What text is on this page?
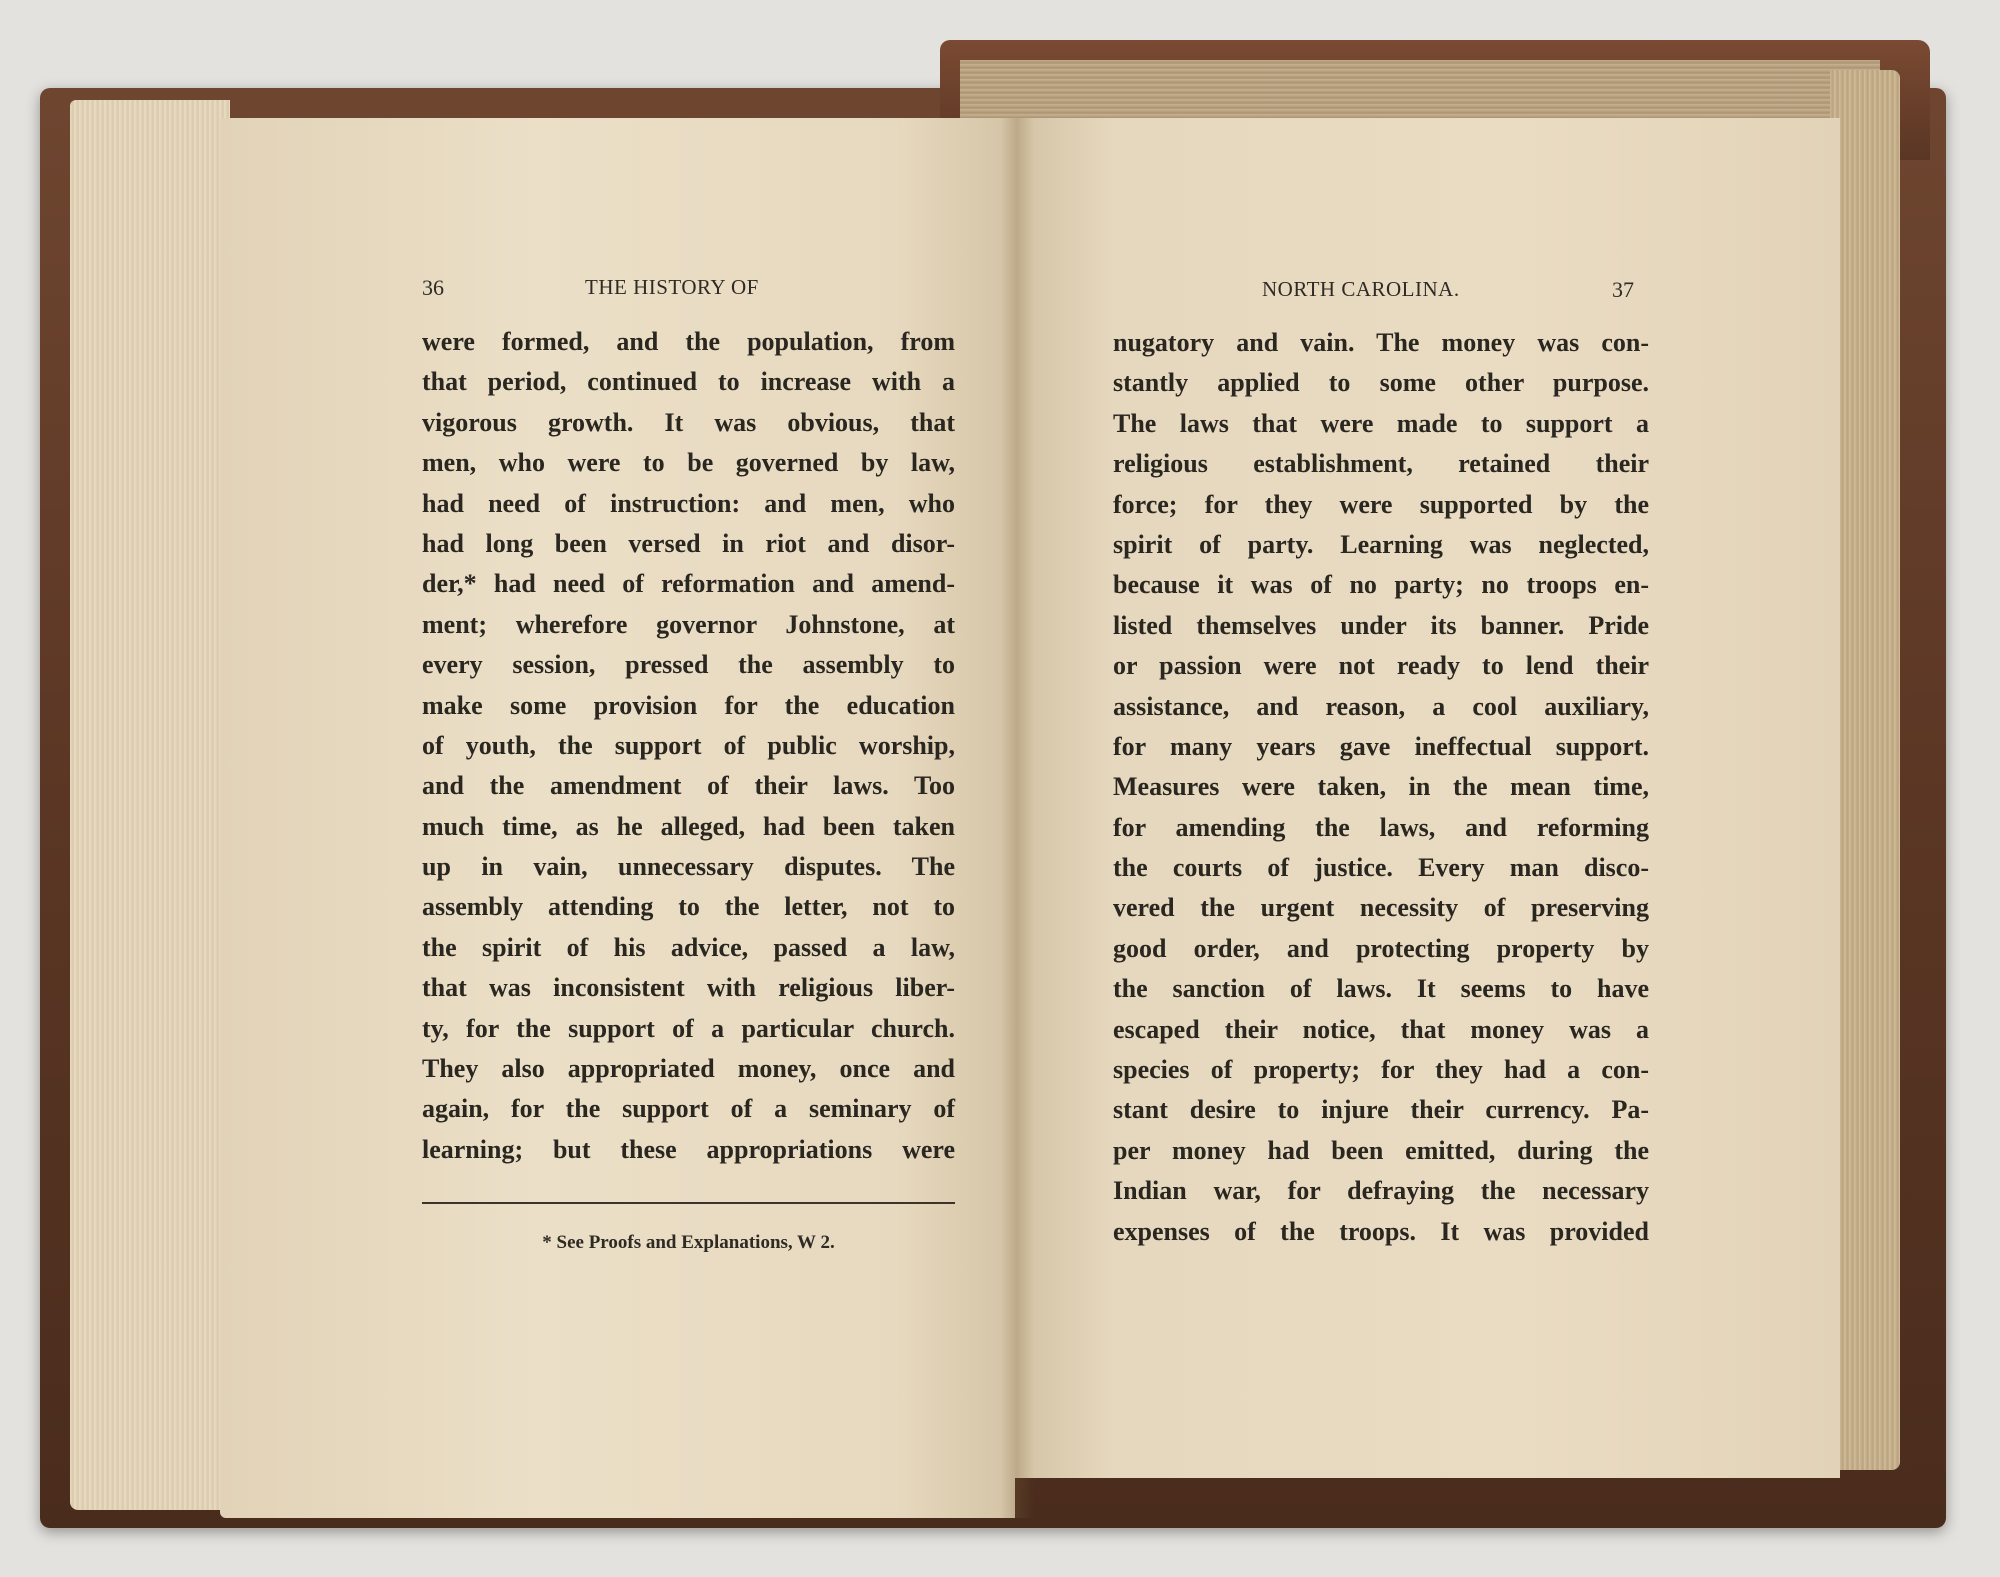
36	THE HISTORY OF	NORTH CAROLINA.	37
were formed, and the population, from
that period, continued to increase with a
vigorous growth. It was obvious, that
men, who were to be governed by law,
had need of instruction: and men, who
had long been versed in riot and disor-
der,* had need of reformation and amend-
ment; wherefore governor Johnstone, at
every session, pressed the assembly to
make some provision for the education
of youth, the support of public worship,
and the amendment of their laws. Too
much time, as he alleged, had been taken
up in vain, unnecessary disputes. The
assembly attending to the letter, not to
the spirit of his advice, passed a law,
that was inconsistent with religious liber-
ty, for the support of a particular church.
They also appropriated money, once and
again, for the support of a seminary of
learning; but these appropriations were
* See Proofs and Explanations, W 2.
nugatory and vain. The money was con-
stantly applied to some other purpose.
The laws that were made to support a
religious establishment, retained their
force; for they were supported by the
spirit of party. Learning was neglected,
because it was of no party; no troops en-
listed themselves under its banner. Pride
or passion were not ready to lend their
assistance, and reason, a cool auxiliary,
for many years gave ineffectual support.
Measures were taken, in the mean time,
for amending the laws, and reforming
the courts of justice. Every man disco-
vered the urgent necessity of preserving
good order, and protecting property by
the sanction of laws. It seems to have
escaped their notice, that money was a
species of property; for they had a con-
stant desire to injure their currency. Pa-
per money had been emitted, during the
Indian war, for defraying the necessary
expenses of the troops. It was provided
